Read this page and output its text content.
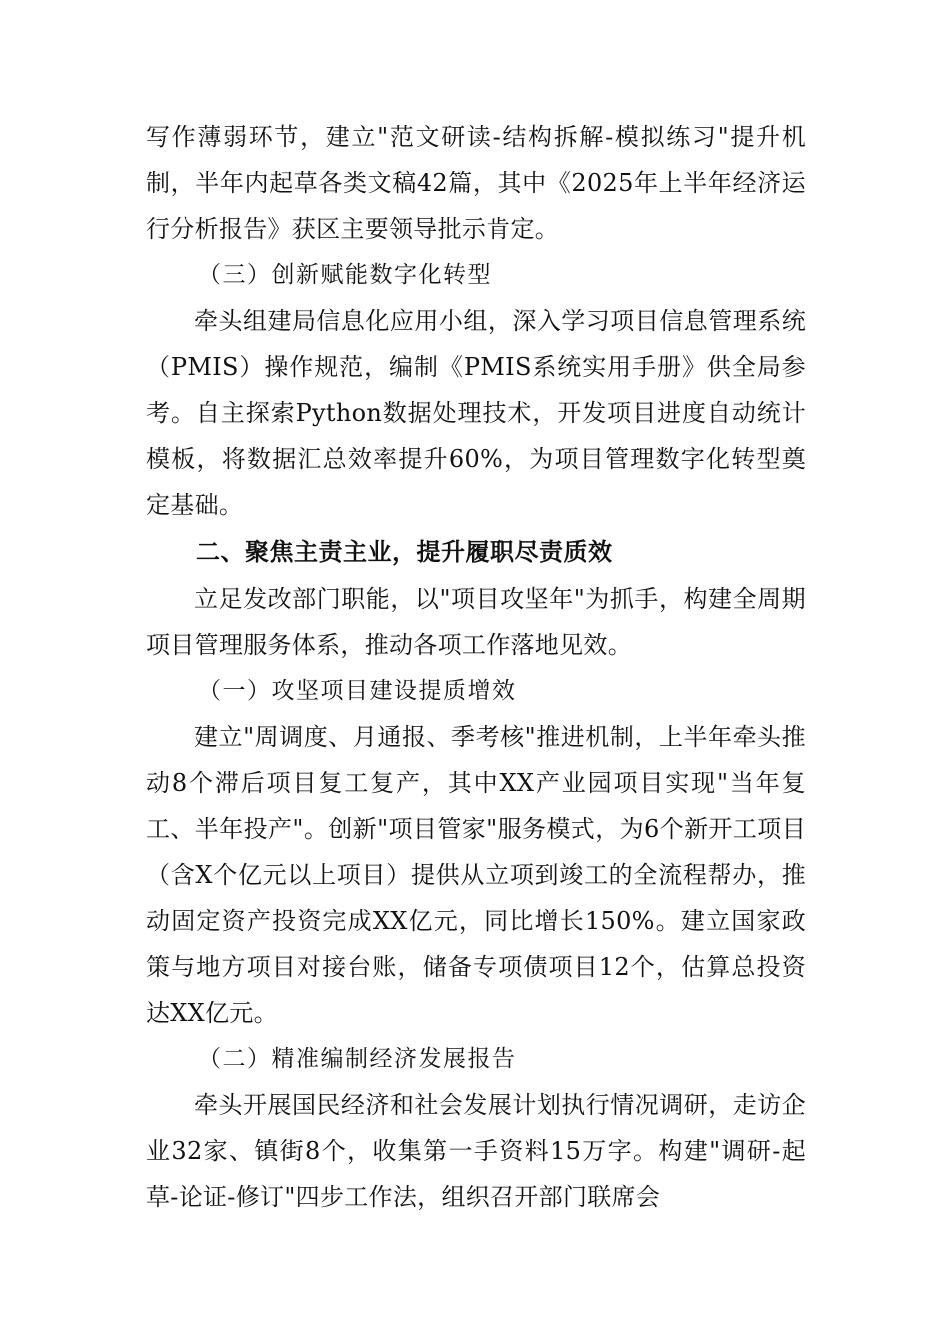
写作薄弱环节，建立"范文研读-结构拆解-模拟练习"提升机制，半年内起草各类文稿42篇，其中《2025年上半年经济运行分析报告》获区主要领导批示肯定。

（三）创新赋能数字化转型

牵头组建局信息化应用小组，深入学习项目信息管理系统（PMIS）操作规范，编制《PMIS系统实用手册》供全局参考。自主探索Python数据处理技术，开发项目进度自动统计模板，将数据汇总效率提升60%，为项目管理数字化转型奠定基础。

二、聚焦主责主业，提升履职尽责质效

立足发改部门职能，以"项目攻坚年"为抓手，构建全周期项目管理服务体系，推动各项工作落地见效。

（一）攻坚项目建设提质增效

建立"周调度、月通报、季考核"推进机制，上半年牵头推动8个滞后项目复工复产，其中XX产业园项目实现"当年复工、半年投产"。创新"项目管家"服务模式，为6个新开工项目（含X个亿元以上项目）提供从立项到竣工的全流程帮办，推动固定资产投资完成XX亿元，同比增长150%。建立国家政策与地方项目对接台账，储备专项债项目12个，估算总投资达XX亿元。

（二）精准编制经济发展报告

牵头开展国民经济和社会发展计划执行情况调研，走访企业32家、镇街8个，收集第一手资料15万字。构建"调研-起草-论证-修订"四步工作法，组织召开部门联席会
